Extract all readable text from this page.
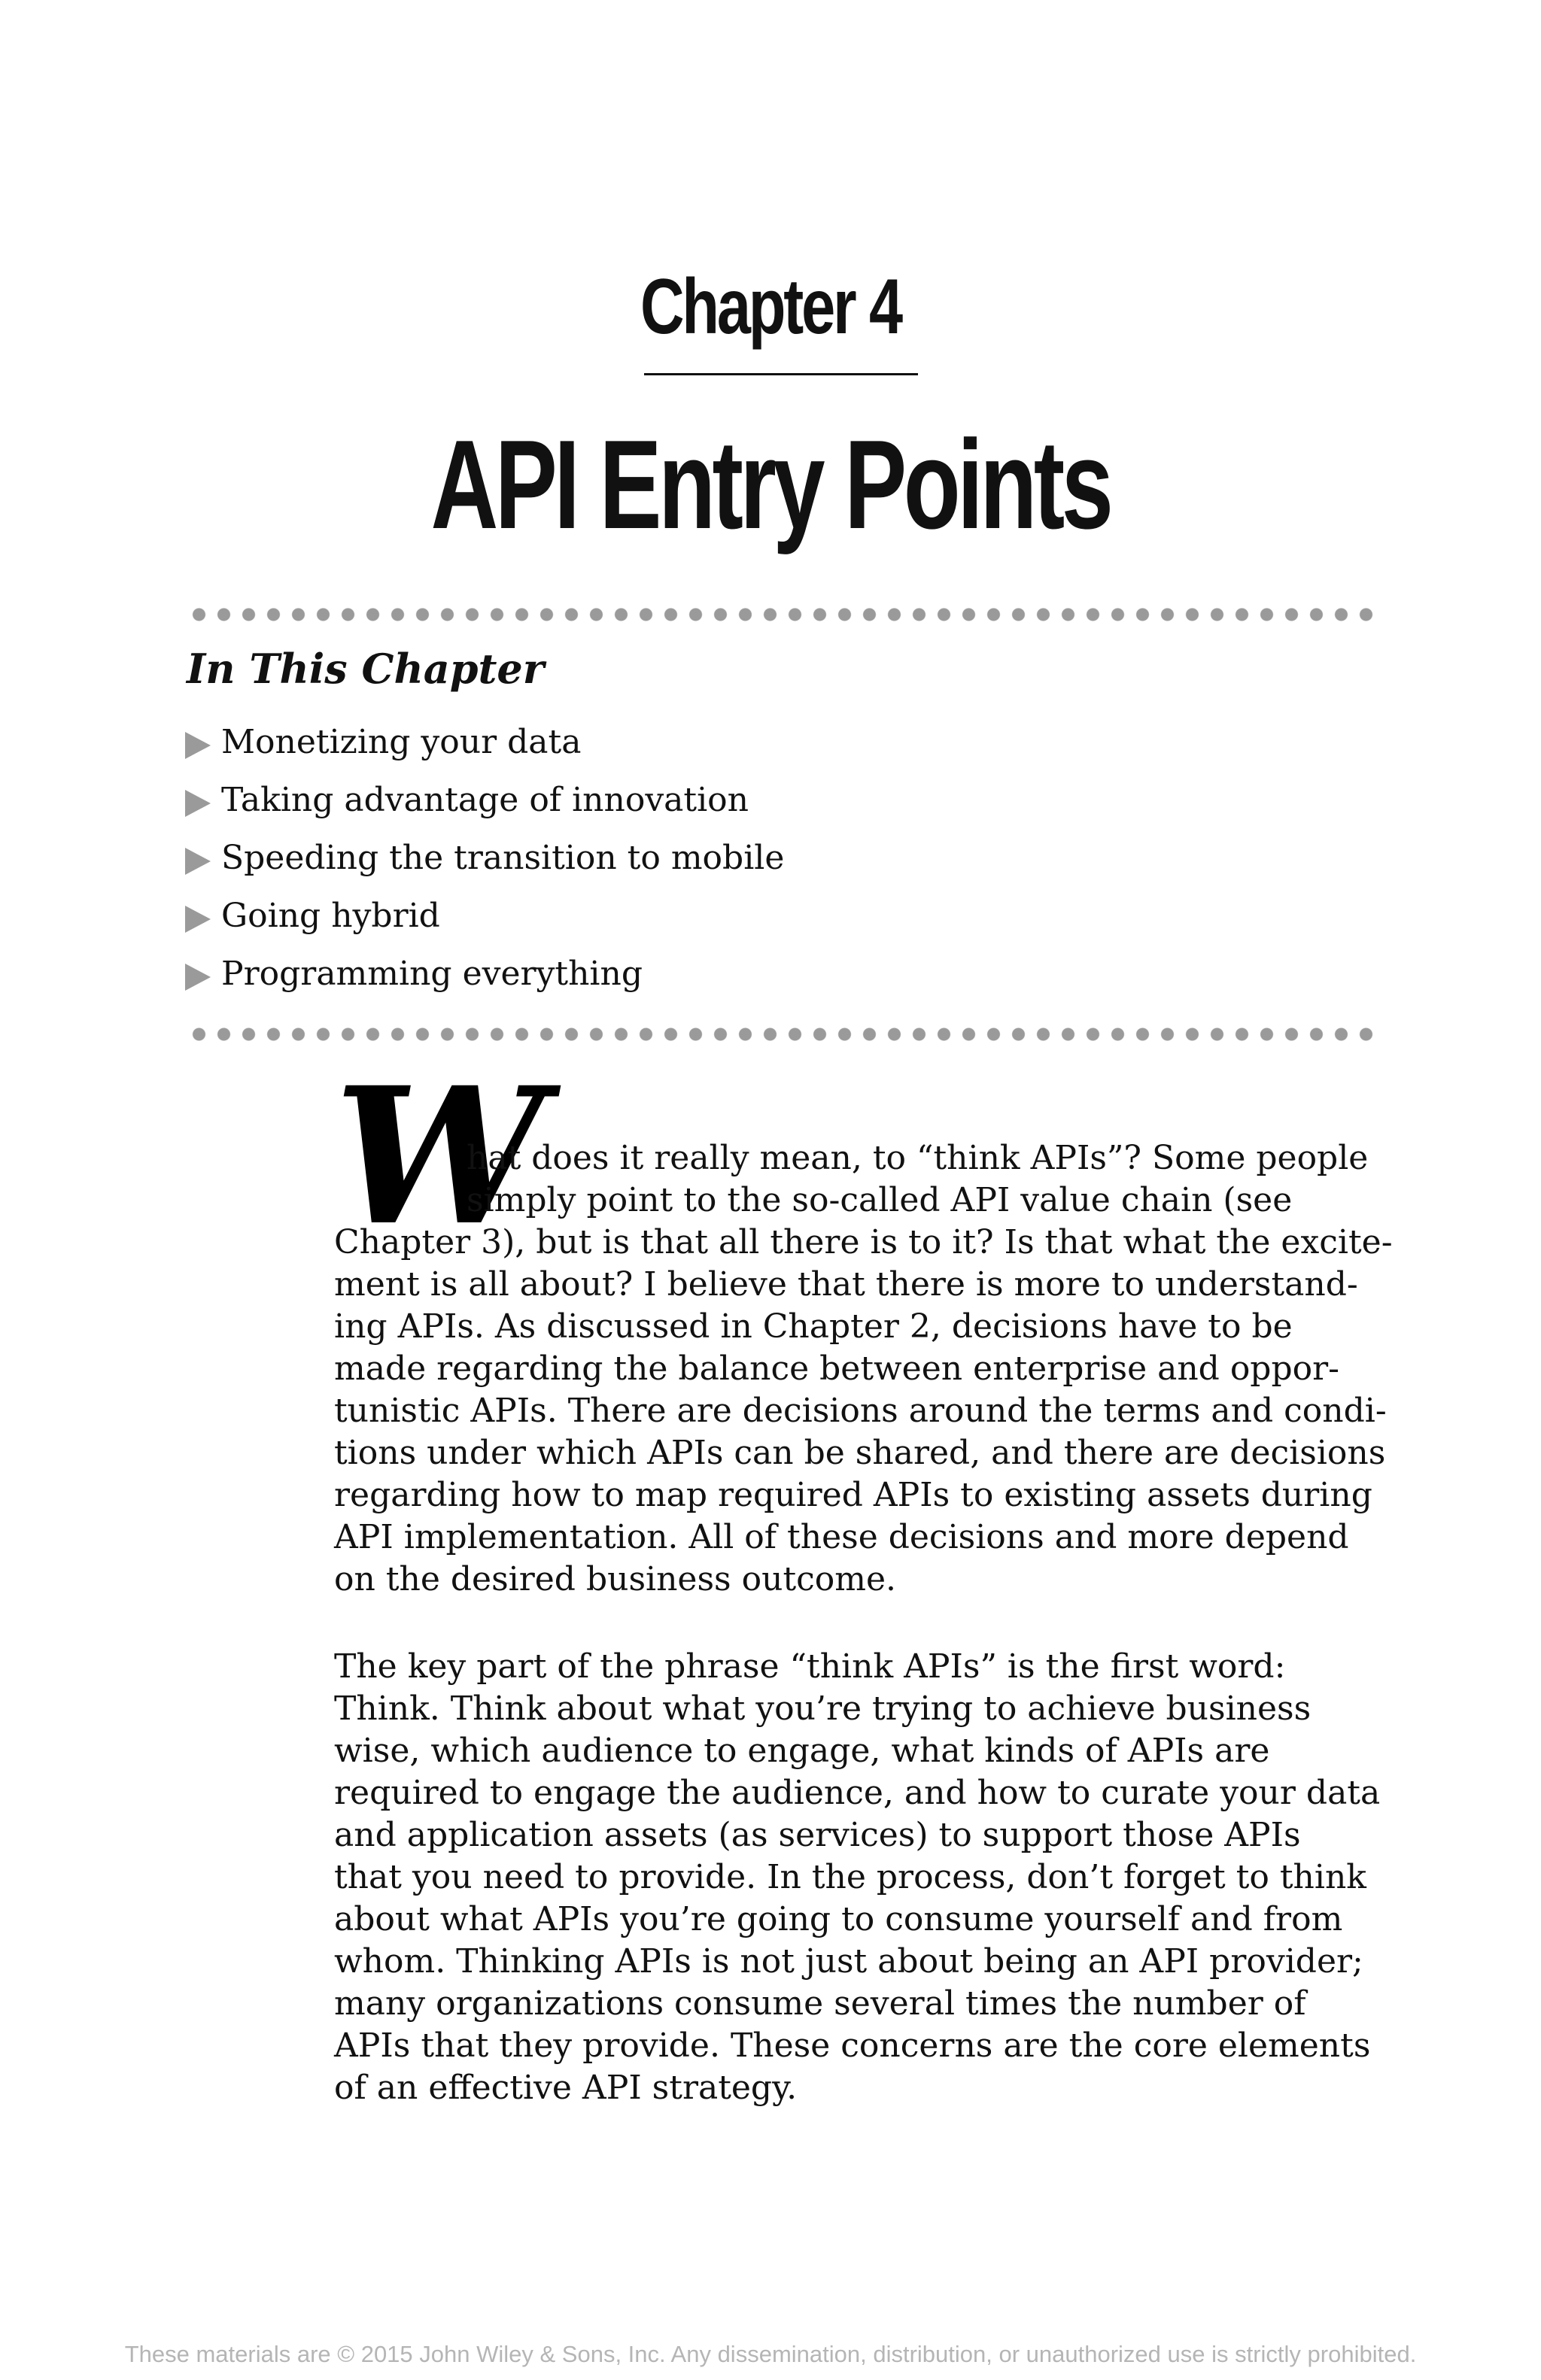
Chapter 4
API Entry Points
In This Chapter
Monetizing your data
Taking advantage of innovation
Speeding the transition to mobile
Going hybrid
Programming everything
W
hat does it really mean, to “think APIs”? Some people
simply point to the so-called API value chain (see
Chapter 3), but is that all there is to it? Is that what the excite-
ment is all about? I believe that there is more to understand-
ing APIs. As discussed in Chapter 2, decisions have to be
made regarding the balance between enterprise and oppor-
tunistic APIs. There are decisions around the terms and condi-
tions under which APIs can be shared, and there are decisions
regarding how to map required APIs to existing assets during
API implementation. All of these decisions and more depend
on the desired business outcome.
The key part of the phrase “think APIs” is the first word:
Think. Think about what you’re trying to achieve business
wise, which audience to engage, what kinds of APIs are
required to engage the audience, and how to curate your data
and application assets (as services) to support those APIs
that you need to provide. In the process, don’t forget to think
about what APIs you’re going to consume yourself and from
whom. Thinking APIs is not just about being an API provider;
many organizations consume several times the number of
APIs that they provide. These concerns are the core elements
of an effective API strategy.
These materials are © 2015 John Wiley & Sons, Inc. Any dissemination, distribution, or unauthorized use is strictly prohibited.
